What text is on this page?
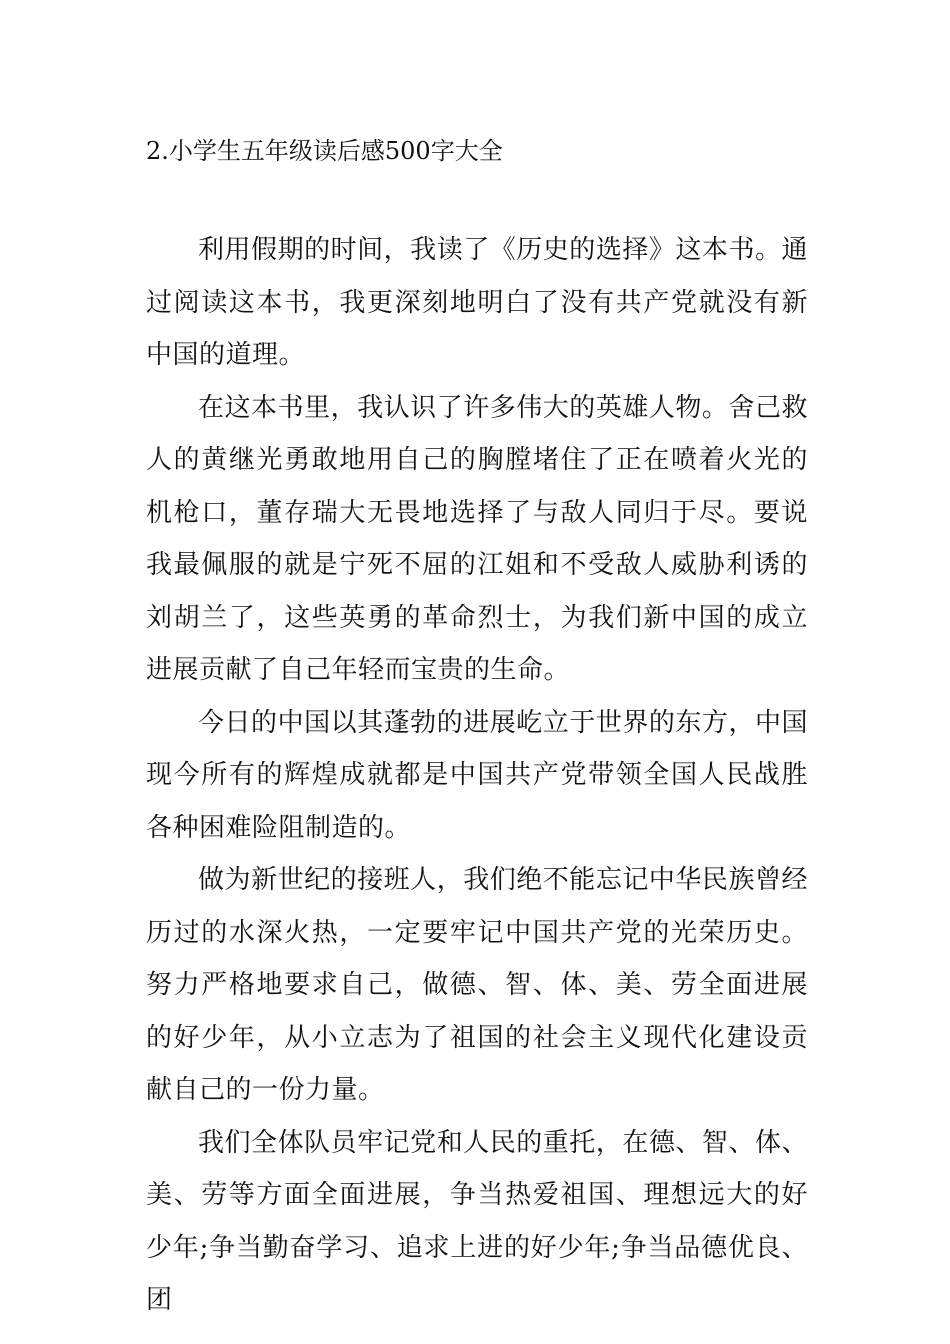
2.小学生五年级读后感500字大全

利用假期的时间，我读了《历史的选择》这本书。通过阅读这本书，我更深刻地明白了没有共产党就没有新中国的道理。

在这本书里，我认识了许多伟大的英雄人物。舍己救人的黄继光勇敢地用自己的胸膛堵住了正在喷着火光的机枪口，董存瑞大无畏地选择了与敌人同归于尽。要说我最佩服的就是宁死不屈的江姐和不受敌人威胁利诱的刘胡兰了，这些英勇的革命烈士，为我们新中国的成立进展贡献了自己年轻而宝贵的生命。

今日的中国以其蓬勃的进展屹立于世界的东方，中国现今所有的辉煌成就都是中国共产党带领全国人民战胜各种困难险阻制造的。

做为新世纪的接班人，我们绝不能忘记中华民族曾经历过的水深火热，一定要牢记中国共产党的光荣历史。努力严格地要求自己，做德、智、体、美、劳全面进展的好少年，从小立志为了祖国的社会主义现代化建设贡献自己的一份力量。

我们全体队员牢记党和人民的重托，在德、智、体、美、劳等方面全面进展，争当热爱祖国、理想远大的好少年;争当勤奋学习、追求上进的好少年;争当品德优良、团
